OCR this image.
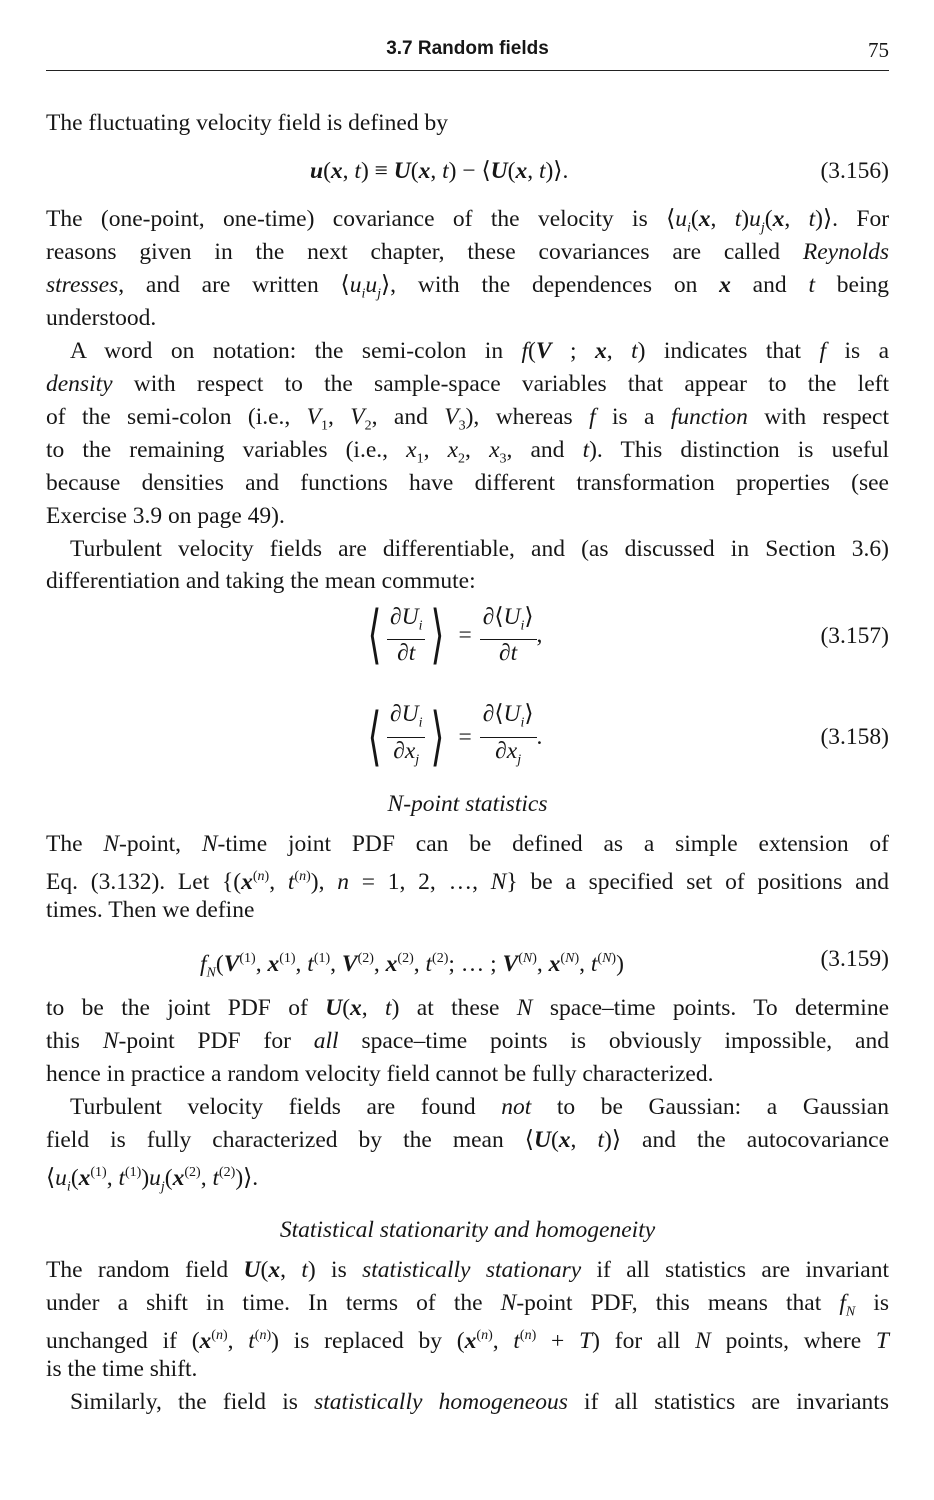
3.7 Random fields	75
The fluctuating velocity field is defined by
u(x, t) ≡ U(x, t) − ⟨U(x, t)⟩.	(3.156)
The (one-point, one-time) covariance of the velocity is $⟨u_i(x$, $t)u_j(x$, t)⟩. For
reasons given in the next chapter, these covariances are called Reynolds
stresses, and are written $⟨u_iu_j⟩$, with the dependences on x and t being
understood.
A word on notation: the semi-colon in f(V ; x, t) indicates that f is a
density with respect to the sample-space variables that appear to the left
of the semi-colon (i.e., $V_1$, $V_2$, and $V_3$), whereas f is a function with respect
to the remaining variables (i.e., $x_1$, $x_2$, $x_3$, and t). This distinction is useful
because densities and functions have different transformation properties (see
Exercise 3.9 on page 49).
Turbulent velocity fields are differentiable, and (as discussed in Section 3.6)
differentiation and taking the mean commute:
⟨ $\frac{\partial U_i}{\partial t}$ ⟩ = $\frac{\partial⟨U_i⟩}{\partial t}$ ,	(3.157)
⟨ $\frac{\partial U_i}{\partial x_j}$ ⟩ = $\frac{\partial⟨U_i⟩}{\partial x_j}$ .	(3.158)
N-point statistics
The N-point, N-time joint PDF can be defined as a simple extension of
Eq. (3.132). Let {($x^{(n)}$, $t^{(n)}$), n = 1, 2, …, N} be a specified set of positions and
times. Then we define
$f_N(V^{(1)}$, $x^{(1)}$, $t^{(1)}$, $V^{(2)}$, $x^{(2)}$, $t^{(2)}$; … ; $V^{(N)}$, $x^{(N)}$, $t^{(N)}$)	(3.159)
to be the joint PDF of U(x, t) at these N space–time points. To determine
this N-point PDF for all space–time points is obviously impossible, and
hence in practice a random velocity field cannot be fully characterized.
Turbulent velocity fields are found not to be Gaussian: a Gaussian
field is fully characterized by the mean ⟨U(x, t)⟩ and the autocovariance
$⟨u_i(x^{(1)}$, $t^{(1)})u_j(x^{(2)}$, $t^{(2)})⟩$.
Statistical stationarity and homogeneity
The random field U(x, t) is statistically stationary if all statistics are invariant
under a shift in time. In terms of the N-point PDF, this means that $f_N$ is
unchanged if ($x^{(n)}$, $t^{(n)}$) is replaced by ($x^{(n)}$, $t^{(n)} + T$) for all N points, where T
is the time shift.
Similarly, the field is statistically homogeneous if all statistics are invariants
